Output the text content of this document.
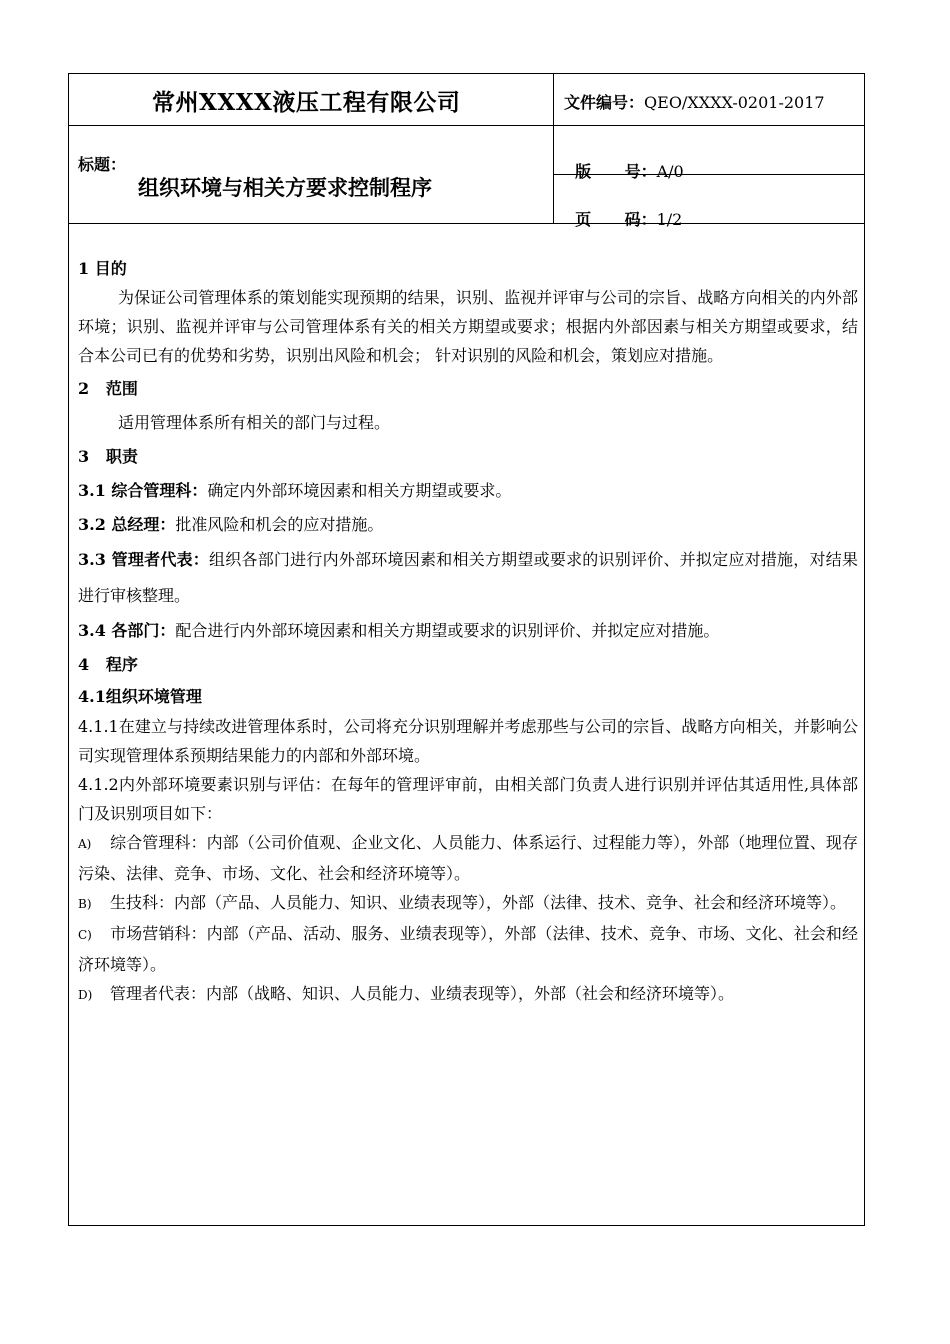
常州XXXX液压工程有限公司	文件编号：QEO/XXXX-0201-2017
标题：
组织环境与相关方要求控制程序

版      号：A/0

页      码：1/2

1 目的

为保证公司管理体系的策划能实现预期的结果，识别、监视并评审与公司的宗旨、战略方向相关的内外部环境；识别、监视并评审与公司管理体系有关的相关方期望或要求；根据内外部因素与相关方期望或要求，结合本公司已有的优势和劣势，识别出风险和机会； 针对识别的风险和机会，策划应对措施。

2   范围

适用管理体系所有相关的部门与过程。

3   职责

3.1 综合管理科：确定内外部环境因素和相关方期望或要求。

3.2 总经理：批准风险和机会的应对措施。

3.3 管理者代表：组织各部门进行内外部环境因素和相关方期望或要求的识别评价、并拟定应对措施，对结果进行审核整理。

3.4 各部门：配合进行内外部环境因素和相关方期望或要求的识别评价、并拟定应对措施。

4   程序

4.1组织环境管理

4.1.1在建立与持续改进管理体系时，公司将充分识别理解并考虑那些与公司的宗旨、战略方向相关，并影响公司实现管理体系预期结果能力的内部和外部环境。

4.1.2内外部环境要素识别与评估：在每年的管理评审前，由相关部门负责人进行识别并评估其适用性,具体部门及识别项目如下：

A) 综合管理科：内部（公司价值观、企业文化、人员能力、体系运行、过程能力等），外部（地理位置、现存污染、法律、竞争、市场、文化、社会和经济环境等）。

B) 生技科：内部（产品、人员能力、知识、业绩表现等），外部（法律、技术、竞争、社会和经济环境等）。

C) 市场营销科：内部（产品、活动、服务、业绩表现等），外部（法律、技术、竞争、市场、文化、社会和经济环境等）。

D) 管理者代表：内部（战略、知识、人员能力、业绩表现等），外部（社会和经济环境等）。
